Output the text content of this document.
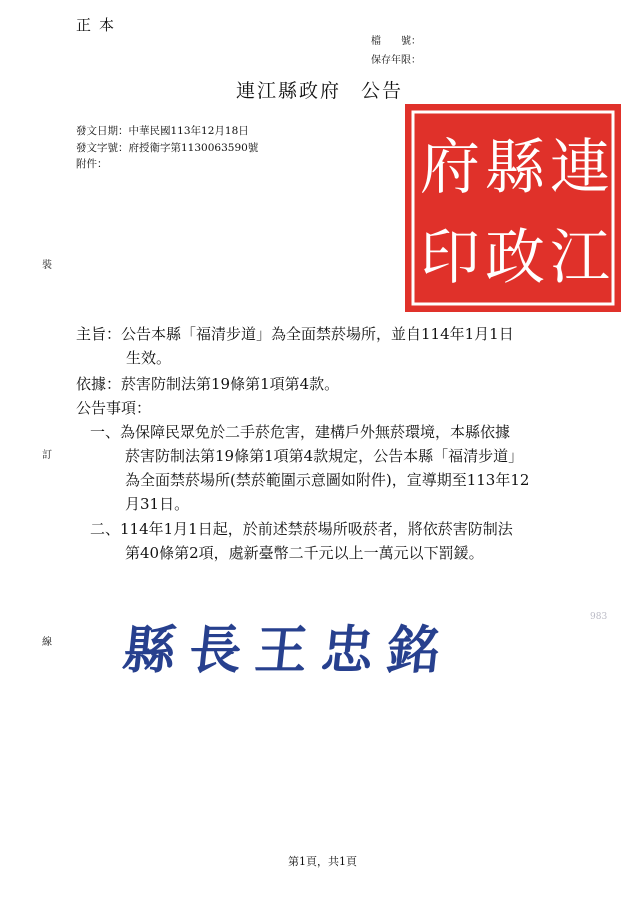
正本
檔　　號：
保存年限：
連江縣政府 公告
發文日期：中華民國113年12月18日
發文字號：府授衛字第1130063590號
附件：
裝
訂
線
連
縣
府
江
政
印
主旨：公告本縣「福清步道」為全面禁菸場所，並自114年1月1日
生效。
依據：菸害防制法第19條第1項第4款。
公告事項：
一、為保障民眾免於二手菸危害，建構戶外無菸環境，本縣依據
菸害防制法第19條第1項第4款規定，公告本縣「福清步道」
為全面禁菸場所(禁菸範圍示意圖如附件)，宣導期至113年12
月31日。
二、114年1月1日起，於前述禁菸場所吸菸者，將依菸害防制法
第40條第2項，處新臺幣二千元以上一萬元以下罰鍰。
縣長王忠銘
983
第1頁，共1頁
